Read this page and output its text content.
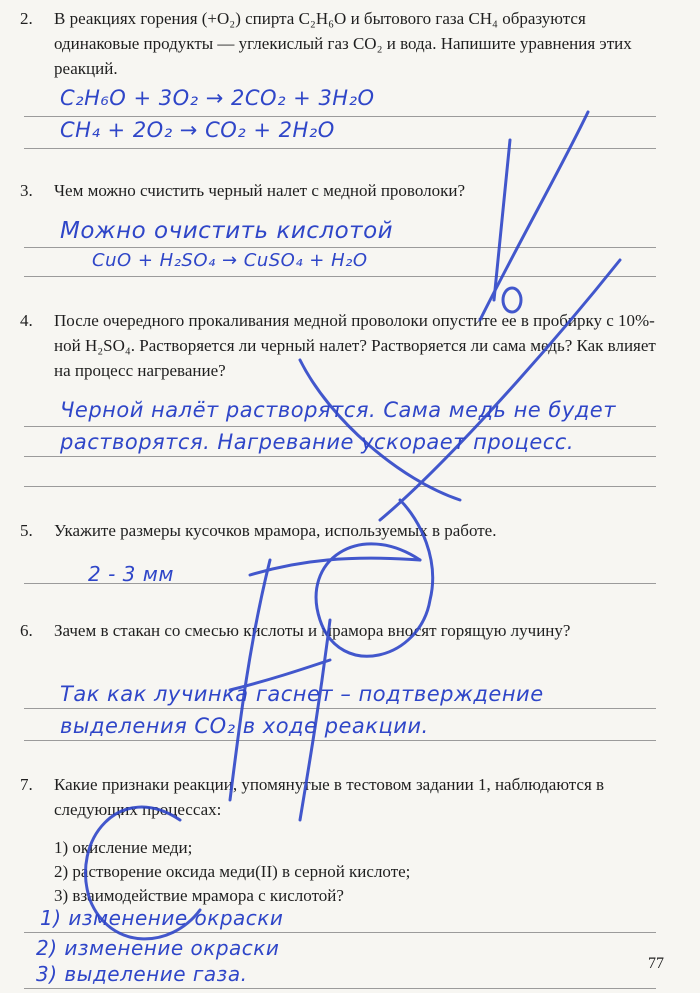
2.	В реакциях горения (+O₂) спирта C₂H₆O и бытового газа CH₄ образуются одинаковые продукты — углекислый газ CO₂ и вода. Напишите уравнения этих реакций.
C₂H₆O + 3O₂ → 2CO₂ + 3H₂O
CH₄ + 2O₂ → CO₂ + 2H₂O
3.	Чем можно счистить черный налет с медной проволоки?
Можно очистить кислотой
CuO + H₂SO₄ → CuSO₄ + H₂O
4.	После очередного прокаливания медной проволоки опустите ее в пробирку с 10%-ной H₂SO₄. Растворяется ли черный налет? Растворяется ли сама медь? Как влияет на процесс нагревание?
Черной налёт растворятся. Сама медь не будет
растворятся. Нагревание ускорает процесс.
5.	Укажите размеры кусочков мрамора, используемых в работе.
2 - 3 мм
6.	Зачем в стакан со смесью кислоты и мрамора вносят горящую лучину?
Так как лучинка гаснет – подтверждение
выделения CO₂ в ходе реакции.
7.	Какие признаки реакции, упомянутые в тестовом задании 1, наблюдаются в следующих процессах:
1) окисление меди;
2) растворение оксида меди(II) в серной кислоте;
3) взаимодействие мрамора с кислотой?
1) изменение окраски
2) изменение окраски
3) выделение газа.	77
